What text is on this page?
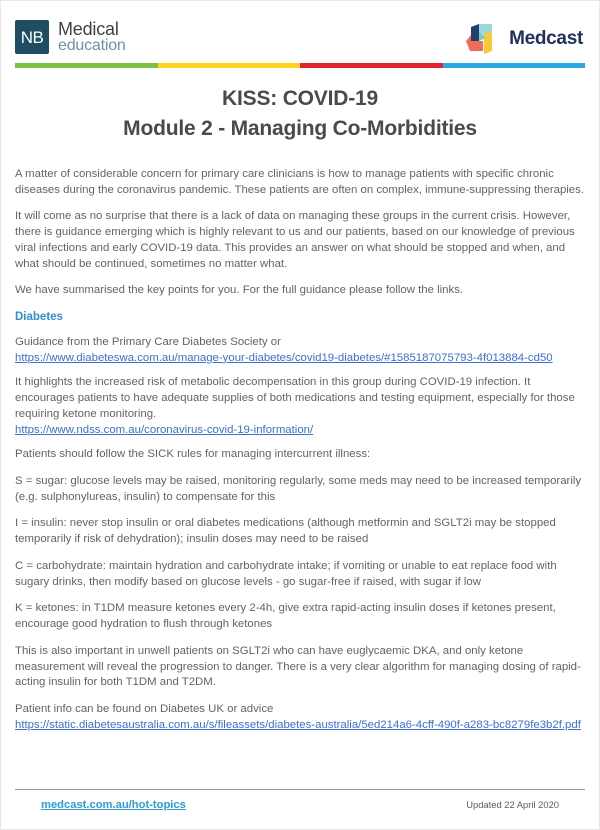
NB Medical
education	Medcast
KISS: COVID-19
Module 2 - Managing Co-Morbidities

A matter of considerable concern for primary care clinicians is how to manage patients with specific chronic diseases during the coronavirus pandemic. These patients are often on complex, immune-suppressing therapies.

It will come as no surprise that there is a lack of data on managing these groups in the current crisis. However, there is guidance emerging which is highly relevant to us and our patients, based on our knowledge of previous viral infections and early COVID-19 data. This provides an answer on what should be stopped and when, and what should be continued, sometimes no matter what.

We have summarised the key points for you. For the full guidance please follow the links.

Diabetes

Guidance from the Primary Care Diabetes Society or
https://www.diabeteswa.com.au/manage-your-diabetes/covid19-diabetes/#1585187075793-4f013884-cd50

It highlights the increased risk of metabolic decompensation in this group during COVID-19 infection. It encourages patients to have adequate supplies of both medications and testing equipment, especially for those requiring ketone monitoring.
https://www.ndss.com.au/coronavirus-covid-19-information/

Patients should follow the SICK rules for managing intercurrent illness:

S = sugar: glucose levels may be raised, monitoring regularly, some meds may need to be increased temporarily (e.g. sulphonylureas, insulin) to compensate for this

I = insulin: never stop insulin or oral diabetes medications (although metformin and SGLT2i may be stopped temporarily if risk of dehydration); insulin doses may need to be raised

C = carbohydrate: maintain hydration and carbohydrate intake; if vomiting or unable to eat replace food with sugary drinks, then modify based on glucose levels - go sugar-free if raised, with sugar if low

K = ketones: in T1DM measure ketones every 2-4h, give extra rapid-acting insulin doses if ketones present, encourage good hydration to flush through ketones

This is also important in unwell patients on SGLT2i who can have euglycaemic DKA, and only ketone measurement will reveal the progression to danger. There is a very clear algorithm for managing dosing of rapid-acting insulin for both T1DM and T2DM.

Patient info can be found on Diabetes UK or advice
https://static.diabetesaustralia.com.au/s/fileassets/diabetes-australia/5ed214a6-4cff-490f-a283-bc8279fe3b2f.pdf

medcast.com.au/hot-topics	Updated 22 April 2020
